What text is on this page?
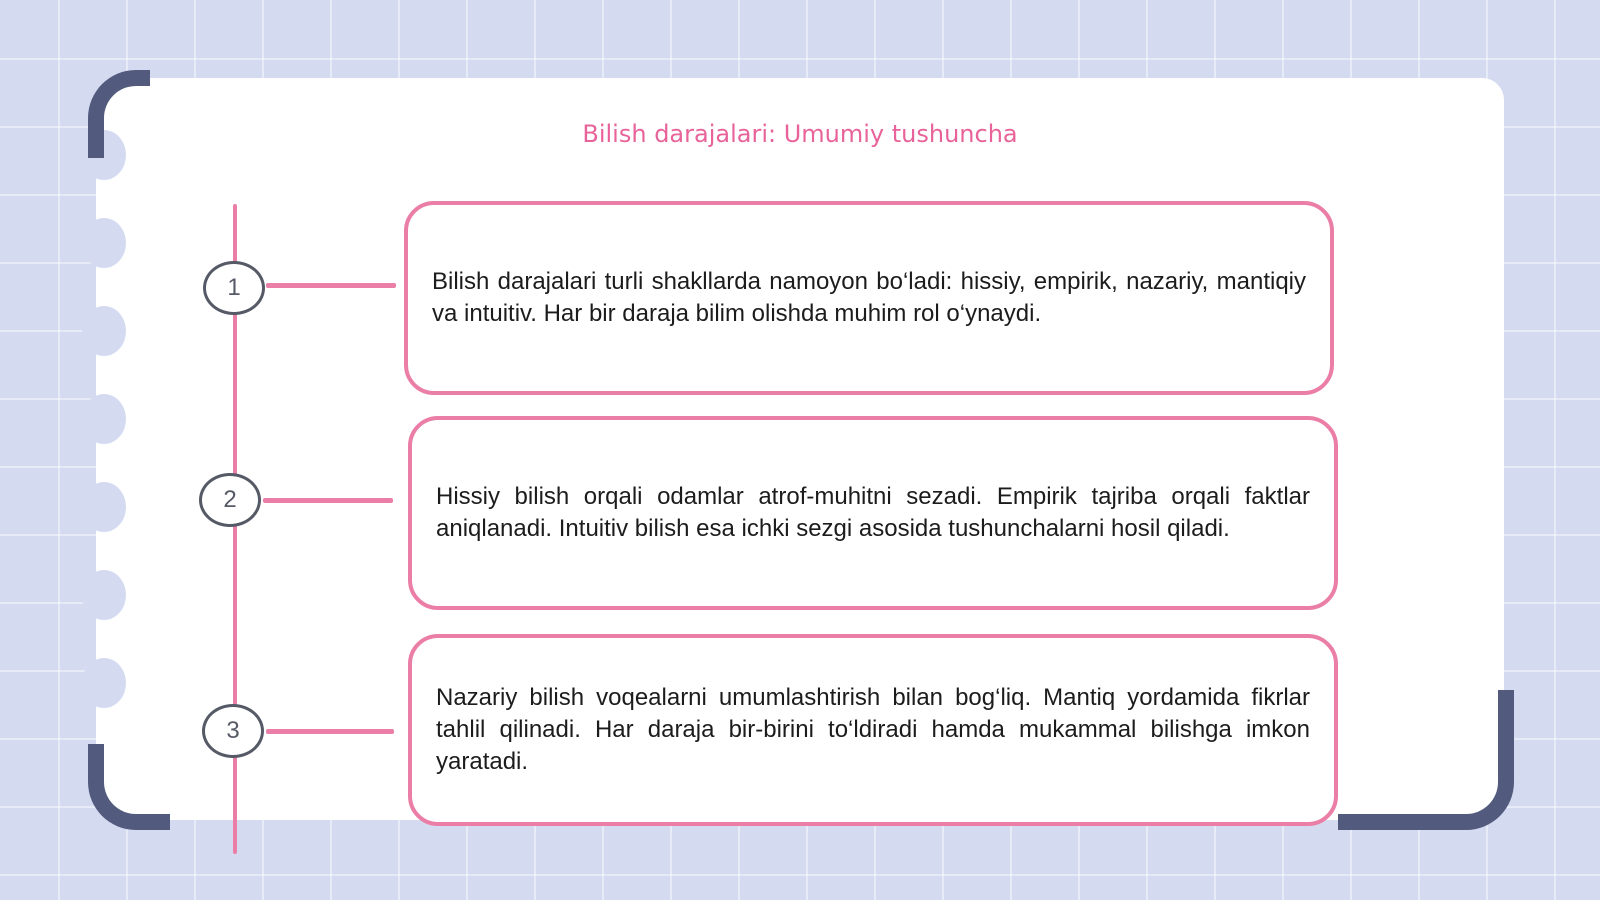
Bilish darajalari: Umumiy tushuncha
1	Bilish darajalari turli shakllarda namoyon bo‘ladi: hissiy, empirik, nazariy, mantiqiy va intuitiv. Har bir daraja bilim olishda muhim rol o‘ynaydi.

2	Hissiy bilish orqali odamlar atrof-muhitni sezadi. Empirik tajriba orqali faktlar aniqlanadi. Intuitiv bilish esa ichki sezgi asosida tushunchalarni hosil qiladi.

3

Nazariy bilish voqealarni umumlashtirish bilan bog‘liq. Mantiq yordamida fikrlar tahlil qilinadi. Har daraja bir-birini to‘ldiradi hamda mukammal bilishga imkon yaratadi.
